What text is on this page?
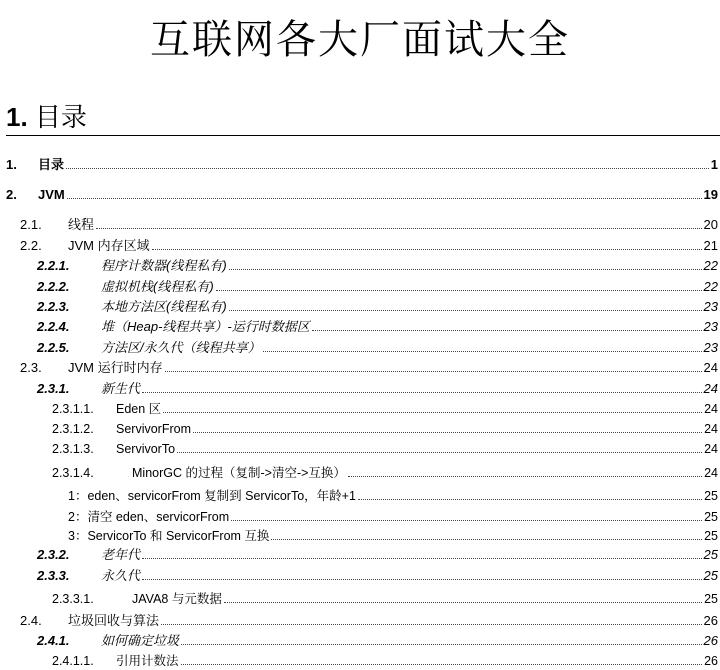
互联网各大厂面试大全
1. 目录
1.	目录	1
2.	JVM	19
2.1.	线程	20
2.2.	JVM 内存区域	21
2.2.1.	程序计数器(线程私有)	22
2.2.2.	虚拟机栈(线程私有)	22
2.2.3.	本地方法区(线程私有)	23
2.2.4.	堆（Heap-线程共享）-运行时数据区	23
2.2.5.	方法区/永久代（线程共享）	23
2.3.	JVM 运行时内存	24
2.3.1.	新生代	24
2.3.1.1.	Eden 区	24
2.3.1.2.	ServivorFrom	24
2.3.1.3.	ServivorTo	24
2.3.1.4.	MinorGC 的过程（复制->清空->互换）	24
1：eden、servicorFrom 复制到 ServicorTo，年龄+1	25
2：清空 eden、servicorFrom	25
3：ServicorTo 和 ServicorFrom 互换	25
2.3.2.	老年代	25
2.3.3.	永久代	25
2.3.3.1.	JAVA8 与元数据	25
2.4.	垃圾回收与算法	26
2.4.1.	如何确定垃圾	26
2.4.1.1.	引用计数法	26
